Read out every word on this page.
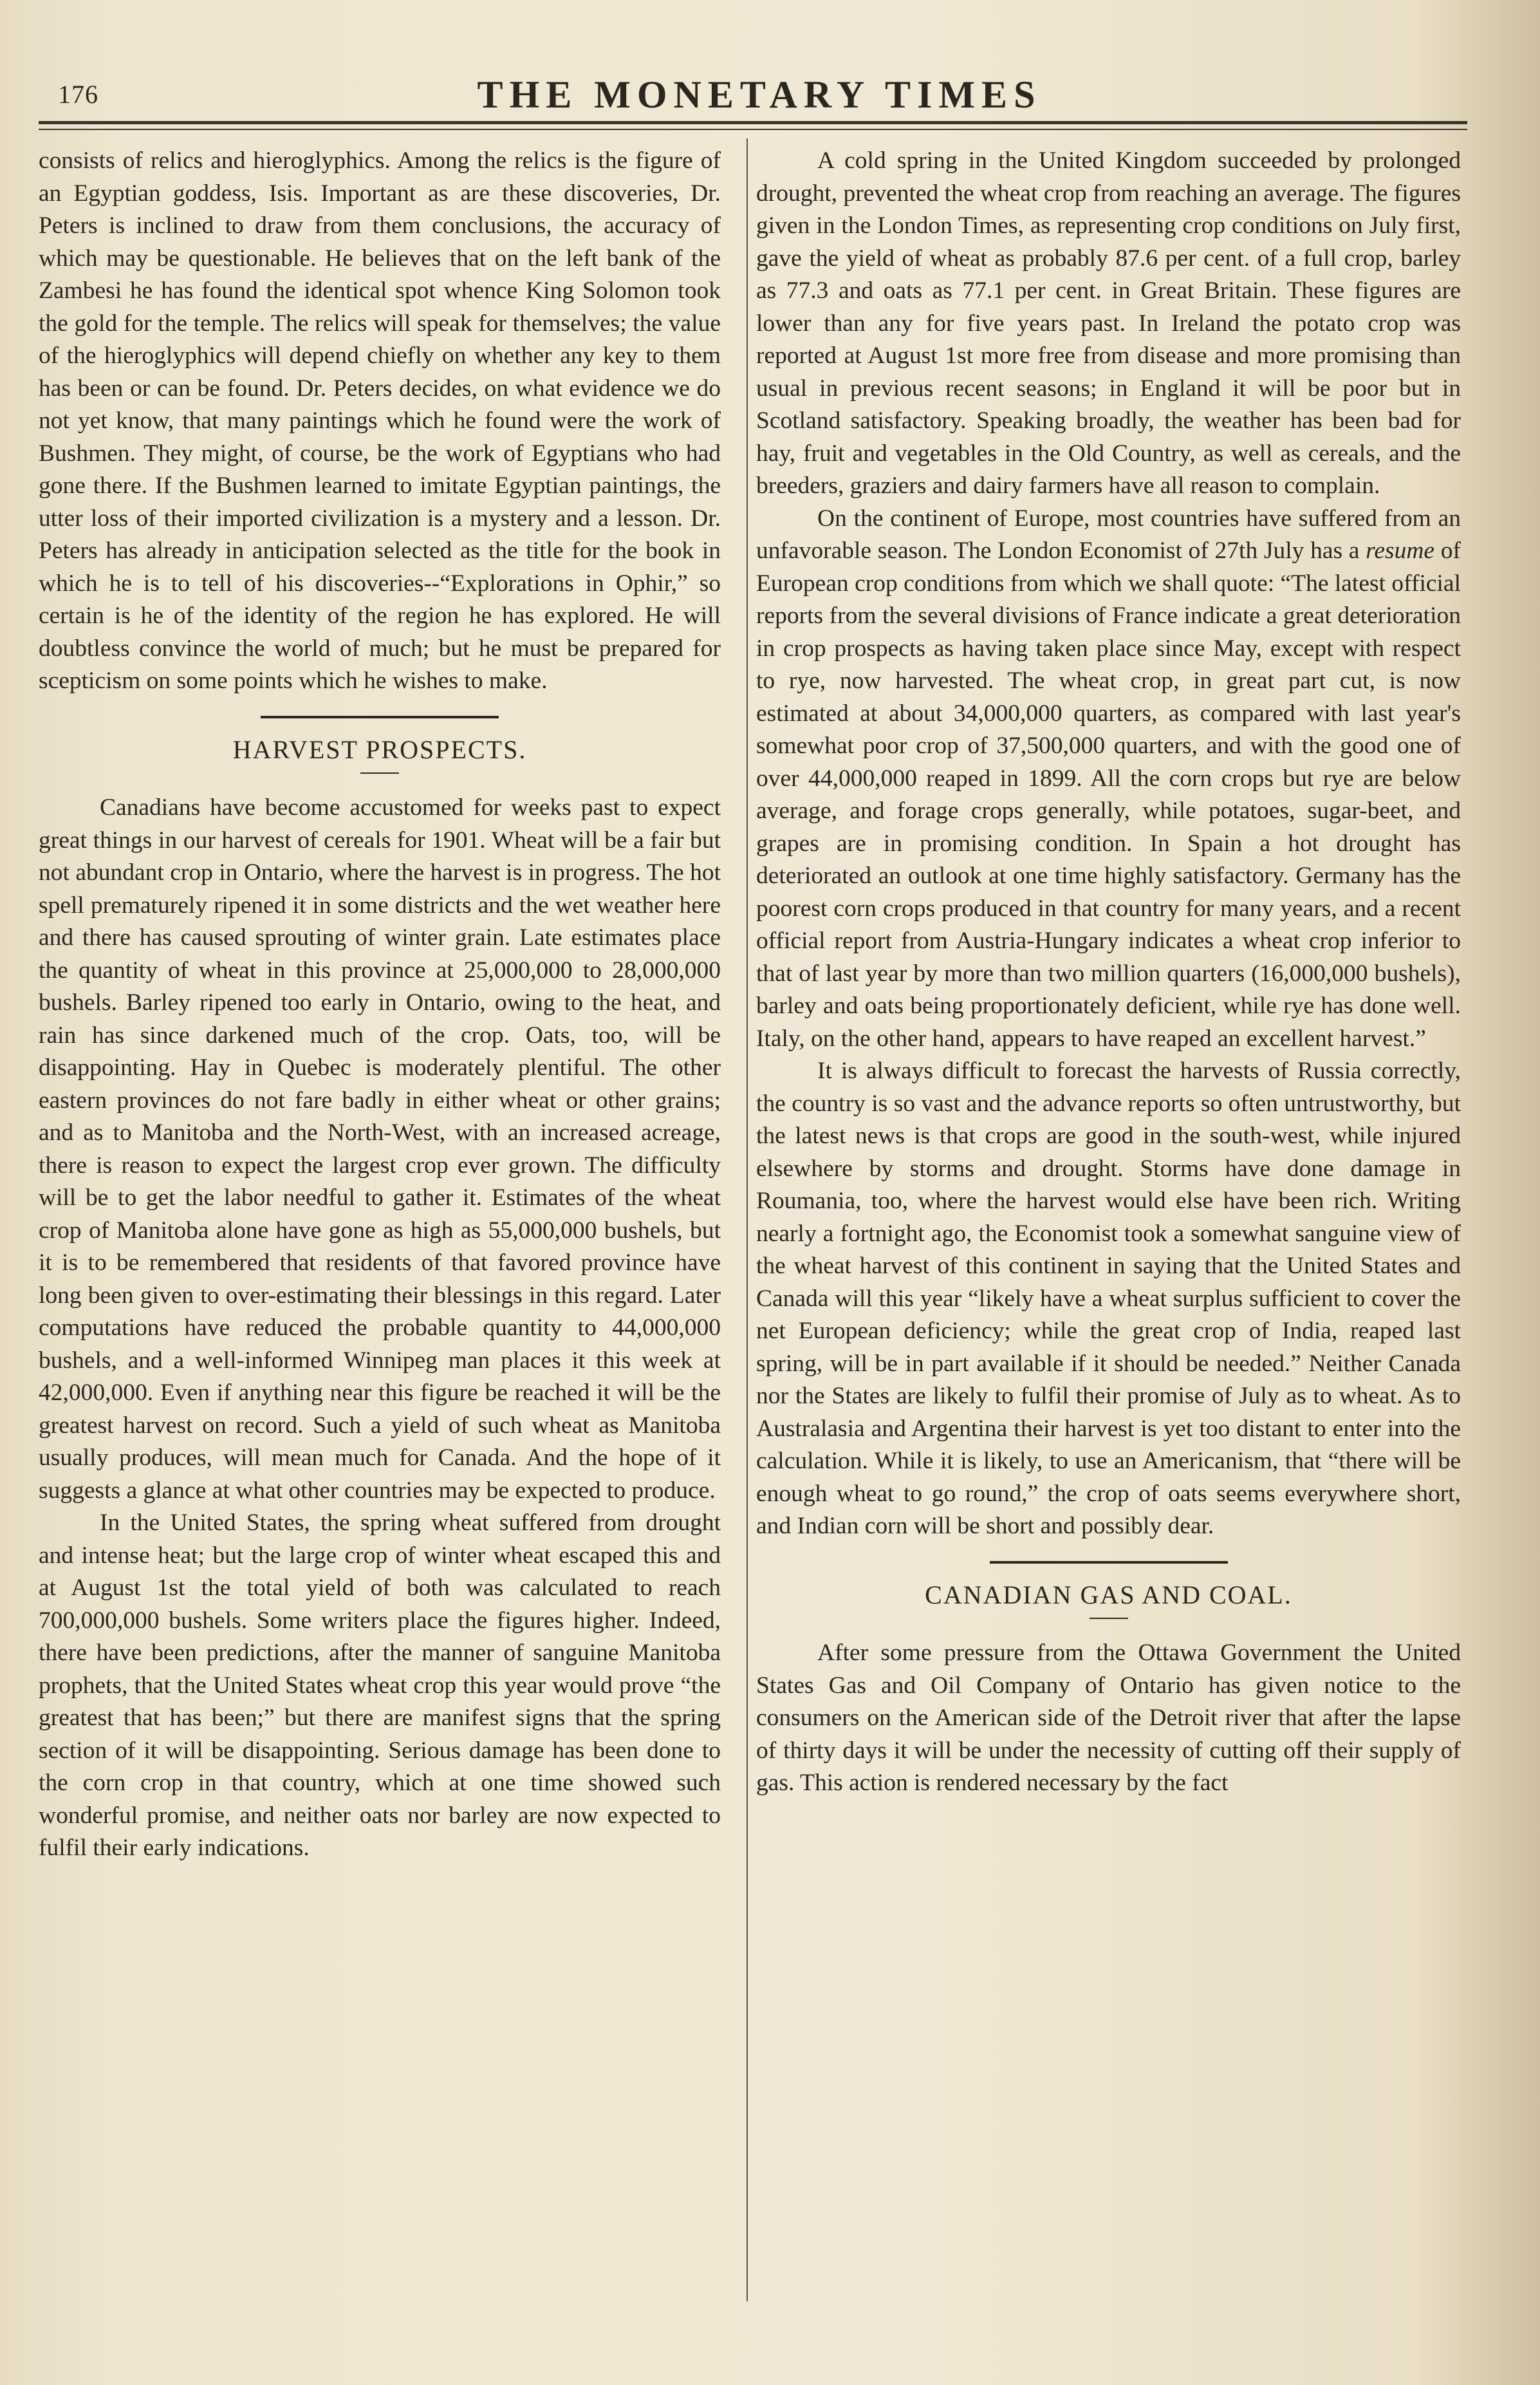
176	THE MONETARY TIMES

consists of relics and hieroglyphics. Among the relics is the figure of an Egyptian goddess, Isis. Important as are these discoveries, Dr. Peters is inclined to draw from them conclusions, the accuracy of which may be questionable. He believes that on the left bank of the Zambesi he has found the identical spot whence King Solomon took the gold for the temple. The relics will speak for themselves; the value of the hieroglyphics will depend chiefly on whether any key to them has been or can be found. Dr. Peters decides, on what evidence we do not yet know, that many paintings which he found were the work of Bushmen. They might, of course, be the work of Egyptians who had gone there. If the Bushmen learned to imitate Egyptian paintings, the utter loss of their imported civilization is a mystery and a lesson. Dr. Peters has already in anticipation selected as the title for the book in which he is to tell of his discoveries--“Explorations in Ophir,” so certain is he of the identity of the region he has explored. He will doubtless convince the world of much; but he must be prepared for scepticism on some points which he wishes to make.

HARVEST PROSPECTS.

Canadians have become accustomed for weeks past to expect great things in our harvest of cereals for 1901. Wheat will be a fair but not abundant crop in Ontario, where the harvest is in progress. The hot spell prematurely ripened it in some districts and the wet weather here and there has caused sprouting of winter grain. Late estimates place the quantity of wheat in this province at 25,000,000 to 28,000,000 bushels. Barley ripened too early in Ontario, owing to the heat, and rain has since darkened much of the crop. Oats, too, will be disappointing. Hay in Quebec is moderately plentiful. The other eastern provinces do not fare badly in either wheat or other grains; and as to Manitoba and the North-West, with an increased acreage, there is reason to expect the largest crop ever grown. The difficulty will be to get the labor needful to gather it. Estimates of the wheat crop of Manitoba alone have gone as high as 55,000,000 bushels, but it is to be remembered that residents of that favored province have long been given to over-estimating their blessings in this regard. Later computations have reduced the probable quantity to 44,000,000 bushels, and a well-informed Winnipeg man places it this week at 42,000,000. Even if anything near this figure be reached it will be the greatest harvest on record. Such a yield of such wheat as Manitoba usually produces, will mean much for Canada. And the hope of it suggests a glance at what other countries may be expected to produce.

In the United States, the spring wheat suffered from drought and intense heat; but the large crop of winter wheat escaped this and at August 1st the total yield of both was calculated to reach 700,000,000 bushels. Some writers place the figures higher. Indeed, there have been predictions, after the manner of sanguine Manitoba prophets, that the United States wheat crop this year would prove “the greatest that has been;” but there are manifest signs that the spring section of it will be disappointing. Serious damage has been done to the corn crop in that country, which at one time showed such wonderful promise, and neither oats nor barley are now expected to fulfil their early indications.

A cold spring in the United Kingdom succeeded by prolonged drought, prevented the wheat crop from reaching an average. The figures given in the London Times, as representing crop conditions on July first, gave the yield of wheat as probably 87.6 per cent. of a full crop, barley as 77.3 and oats as 77.1 per cent. in Great Britain. These figures are lower than any for five years past. In Ireland the potato crop was reported at August 1st more free from disease and more promising than usual in previous recent seasons; in England it will be poor but in Scotland satisfactory. Speaking broadly, the weather has been bad for hay, fruit and vegetables in the Old Country, as well as cereals, and the breeders, graziers and dairy farmers have all reason to complain.

On the continent of Europe, most countries have suffered from an unfavorable season. The London Economist of 27th July has a resume of European crop conditions from which we shall quote: “The latest official reports from the several divisions of France indicate a great deterioration in crop prospects as having taken place since May, except with respect to rye, now harvested. The wheat crop, in great part cut, is now estimated at about 34,000,000 quarters, as compared with last year's somewhat poor crop of 37,500,000 quarters, and with the good one of over 44,000,000 reaped in 1899. All the corn crops but rye are below average, and forage crops generally, while potatoes, sugar-beet, and grapes are in promising condition. In Spain a hot drought has deteriorated an outlook at one time highly satisfactory. Germany has the poorest corn crops produced in that country for many years, and a recent official report from Austria-Hungary indicates a wheat crop inferior to that of last year by more than two million quarters (16,000,000 bushels), barley and oats being proportionately deficient, while rye has done well. Italy, on the other hand, appears to have reaped an excellent harvest.”

It is always difficult to forecast the harvests of Russia correctly, the country is so vast and the advance reports so often untrustworthy, but the latest news is that crops are good in the south-west, while injured elsewhere by storms and drought. Storms have done damage in Roumania, too, where the harvest would else have been rich. Writing nearly a fortnight ago, the Economist took a somewhat sanguine view of the wheat harvest of this continent in saying that the United States and Canada will this year “likely have a wheat surplus sufficient to cover the net European deficiency; while the great crop of India, reaped last spring, will be in part available if it should be needed.” Neither Canada nor the States are likely to fulfil their promise of July as to wheat. As to Australasia and Argentina their harvest is yet too distant to enter into the calculation. While it is likely, to use an Americanism, that “there will be enough wheat to go round,” the crop of oats seems everywhere short, and Indian corn will be short and possibly dear.

CANADIAN GAS AND COAL.

After some pressure from the Ottawa Government the United States Gas and Oil Company of Ontario has given notice to the consumers on the American side of the Detroit river that after the lapse of thirty days it will be under the necessity of cutting off their supply of gas. This action is rendered necessary by the fact
